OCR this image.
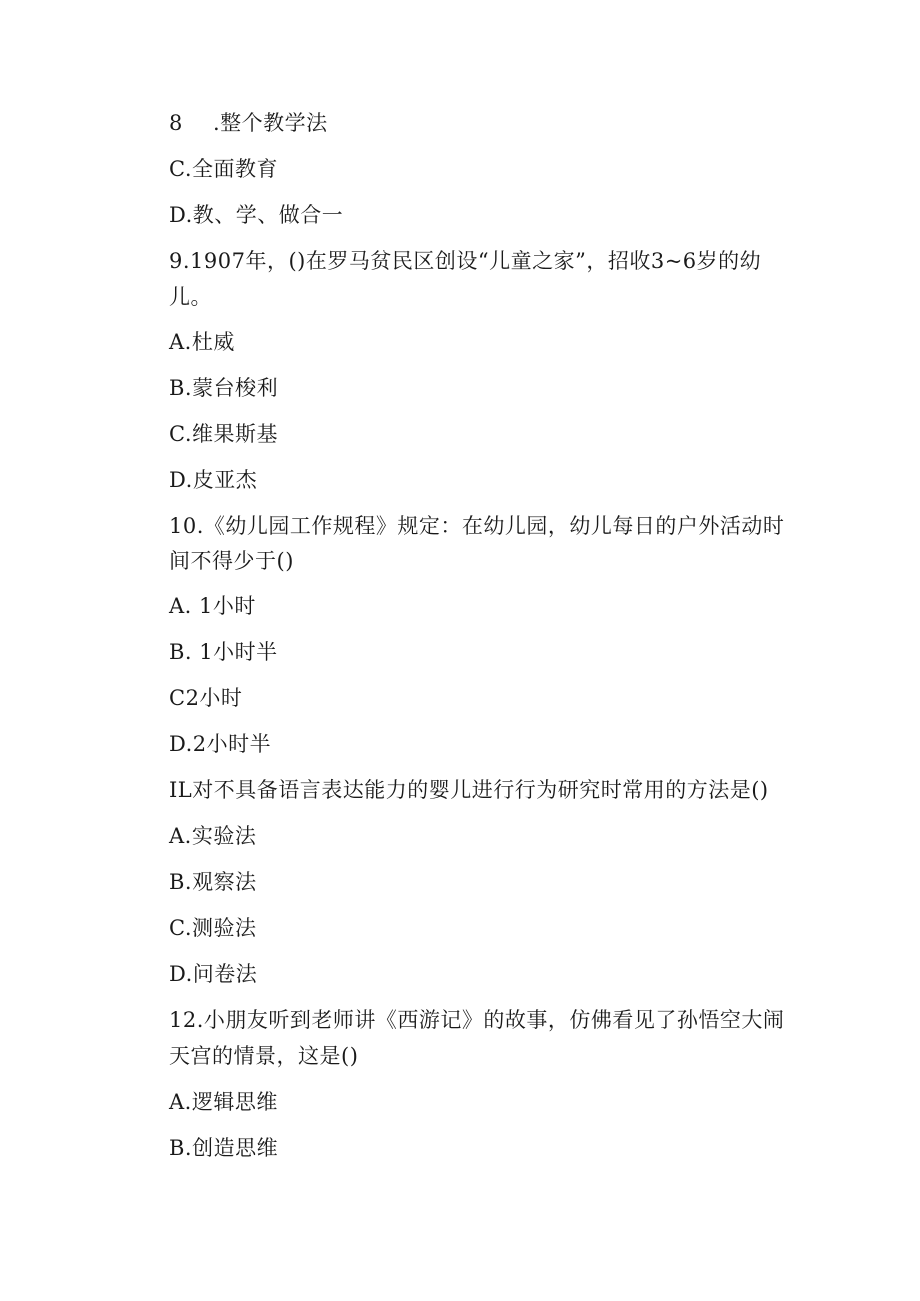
8 .整个教学法
C.全面教育
D.教、学、做合一
9.1907年，()在罗马贫民区创设“儿童之家”，招收3~6岁的幼
儿。
A.杜威
B.蒙台梭利
C.维果斯基
D.皮亚杰
10.《幼儿园工作规程》规定：在幼儿园，幼儿每日的户外活动时
间不得少于()
A. 1小时
B. 1小时半
C2小时
D.2小时半
IL对不具备语言表达能力的婴儿进行行为研究时常用的方法是()
A.实验法
B.观察法
C.测验法
D.问卷法
12.小朋友听到老师讲《西游记》的故事，仿佛看见了孙悟空大闹
天宫的情景，这是()
A.逻辑思维
B.创造思维
